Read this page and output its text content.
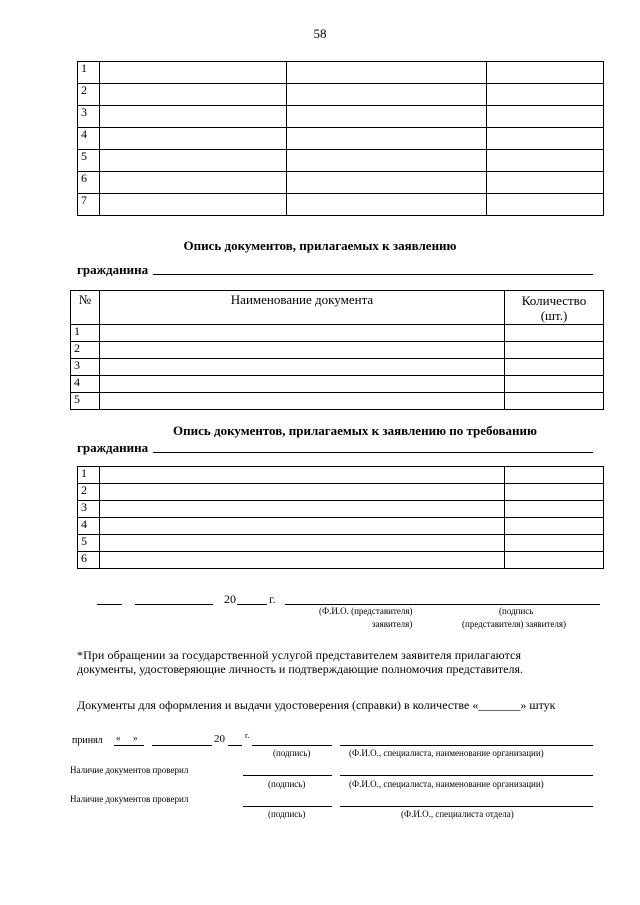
58
1			
2			
3			
4			
5			
6			
7			
Опись документов, прилагаемых к заявлению
гражданина
№	Наименование документа	Количество
(шт.)
1		
2		
3		
4		
5		
Опись документов, прилагаемых к заявлению по требованию
гражданина
1		
2		
3		
4		
5		
6		
20	г.
(Ф.И.О. (представителя)
заявителя)
(подпись
(представителя) заявителя)
*При обращении за государственной услугой представителем заявителя прилагаются
документы, удостоверяющие личность и подтверждающие полномочия представителя.
Документы для оформления и выдачи удостоверения (справки) в количестве «_______» штук
принял « »	20	г.
(подпись)	(Ф.И.О., специалиста, наименование организации)
Наличие документов проверил
(подпись)	(Ф.И.О., специалиста, наименование организации)
Наличие документов проверил
(подпись)	(Ф.И.О., специалиста отдела)
